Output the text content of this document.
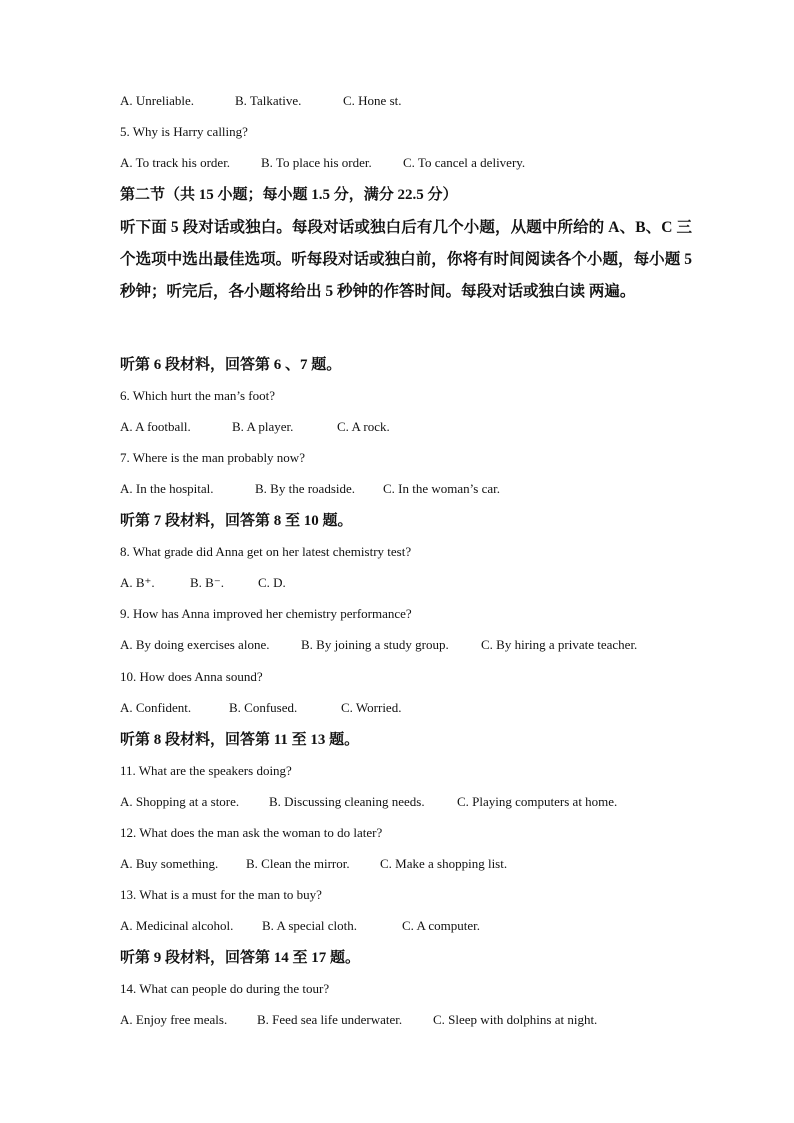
A. Unreliable.	B. Talkative.	C. Hone st.
5. Why is Harry calling?
A. To track his order. B. To place his order. C. To cancel a delivery.
第二节（共 15 小题；每小题 1.5 分，满分 22.5 分）
听下面 5 段对话或独白。每段对话或独白后有几个小题，从题中所给的 A、B、C 三个选项中选出最佳选项。听每段对话或独白前，你将有时间阅读各个小题，每小题 5 秒钟；听完后，各小题将给出 5 秒钟的作答时间。每段对话或独白读 两遍。
听第 6 段材料，回答第 6 、7 题。
6. Which hurt the man’s foot?
A. A football.	B. A player.	C. A rock.
7. Where is the man probably now?
A. In the hospital.	B. By the roadside. C. In the woman’s car.
听第 7 段材料，回答第 8 至 10 题。
8. What grade did Anna get on her latest chemistry test?
A. B⁺.	B. B⁻.	C. D.
9. How has Anna improved her chemistry performance?
A. By doing exercises alone. B. By joining a study group. C. By hiring a private teacher.
10. How does Anna sound?
A. Confident.	B. Confused.	C. Worried.
听第 8 段材料，回答第 11 至 13 题。
11. What are the speakers doing?
A. Shopping at a store. B. Discussing cleaning needs. C. Playing computers at home.
12. What does the man ask the woman to do later?
A. Buy something. B. Clean the mirror. C. Make a shopping list.
13. What is a must for the man to buy?
A. Medicinal alcohol. B. A special cloth.	C. A computer.
听第 9 段材料，回答第 14 至 17 题。
14. What can people do during the tour?
A. Enjoy free meals. B. Feed sea life underwater. C. Sleep with dolphins at night.
